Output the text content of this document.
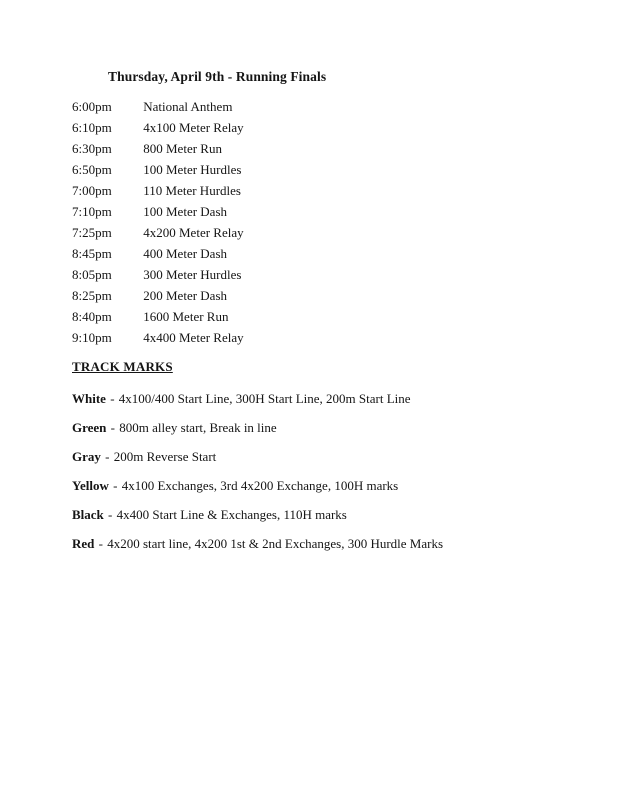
Thursday, April 9th - Running Finals
6:00pm National Anthem
6:10pm 4x100 Meter Relay
6:30pm 800 Meter Run
6:50pm 100 Meter Hurdles
7:00pm 110 Meter Hurdles
7:10pm 100 Meter Dash
7:25pm 4x200 Meter Relay
8:45pm 400 Meter Dash
8:05pm 300 Meter Hurdles
8:25pm 200 Meter Dash
8:40pm 1600 Meter Run
9:10pm 4x400 Meter Relay
TRACK MARKS
White - 4x100/400 Start Line, 300H Start Line, 200m Start Line
Green - 800m alley start, Break in line
Gray - 200m Reverse Start
Yellow - 4x100 Exchanges, 3rd 4x200 Exchange, 100H marks
Black - 4x400 Start Line & Exchanges, 110H marks
Red - 4x200 start line, 4x200 1st & 2nd Exchanges, 300 Hurdle Marks
